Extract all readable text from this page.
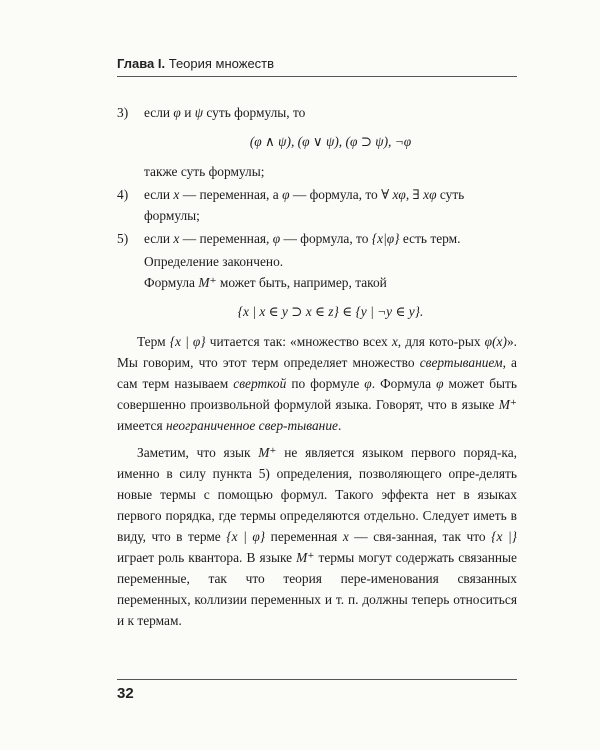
Глава I. Теория множеств
3) если φ и ψ суть формулы, то
(φ ∧ ψ), (φ ∨ ψ), (φ ⊃ ψ), ¬φ
также суть формулы;
4) если x — переменная, а φ — формула, то ∀ xφ, ∃ xφ суть
формулы;
5) если x — переменная, φ — формула, то {x|φ} есть терм.
Определение закончено.
Формула M⁺ может быть, например, такой
{x | x ∈ y ⊃ x ∈ z} ∈ {y | ¬y ∈ y}.
Терм {x | φ} читается так: «множество всех x, для кото-рых φ(x)». Мы говорим, что этот терм определяет множество свертыванием, а сам терм называем сверткой по формуле φ. Формула φ может быть совершенно произвольной формулой языка. Говорят, что в языке M⁺ имеется неограниченное свер-тывание.
Заметим, что язык M⁺ не является языком первого поряд-ка, именно в силу пункта 5) определения, позволяющего опре-делять новые термы с помощью формул. Такого эффекта нет в языках первого порядка, где термы определяются отдельно. Следует иметь в виду, что в терме {x | φ} переменная x — свя-занная, так что {x |} играет роль квантора. В языке M⁺ термы могут содержать связанные переменные, так что теория пере-именования связанных переменных, коллизии переменных и т. п. должны теперь относиться и к термам.
32
